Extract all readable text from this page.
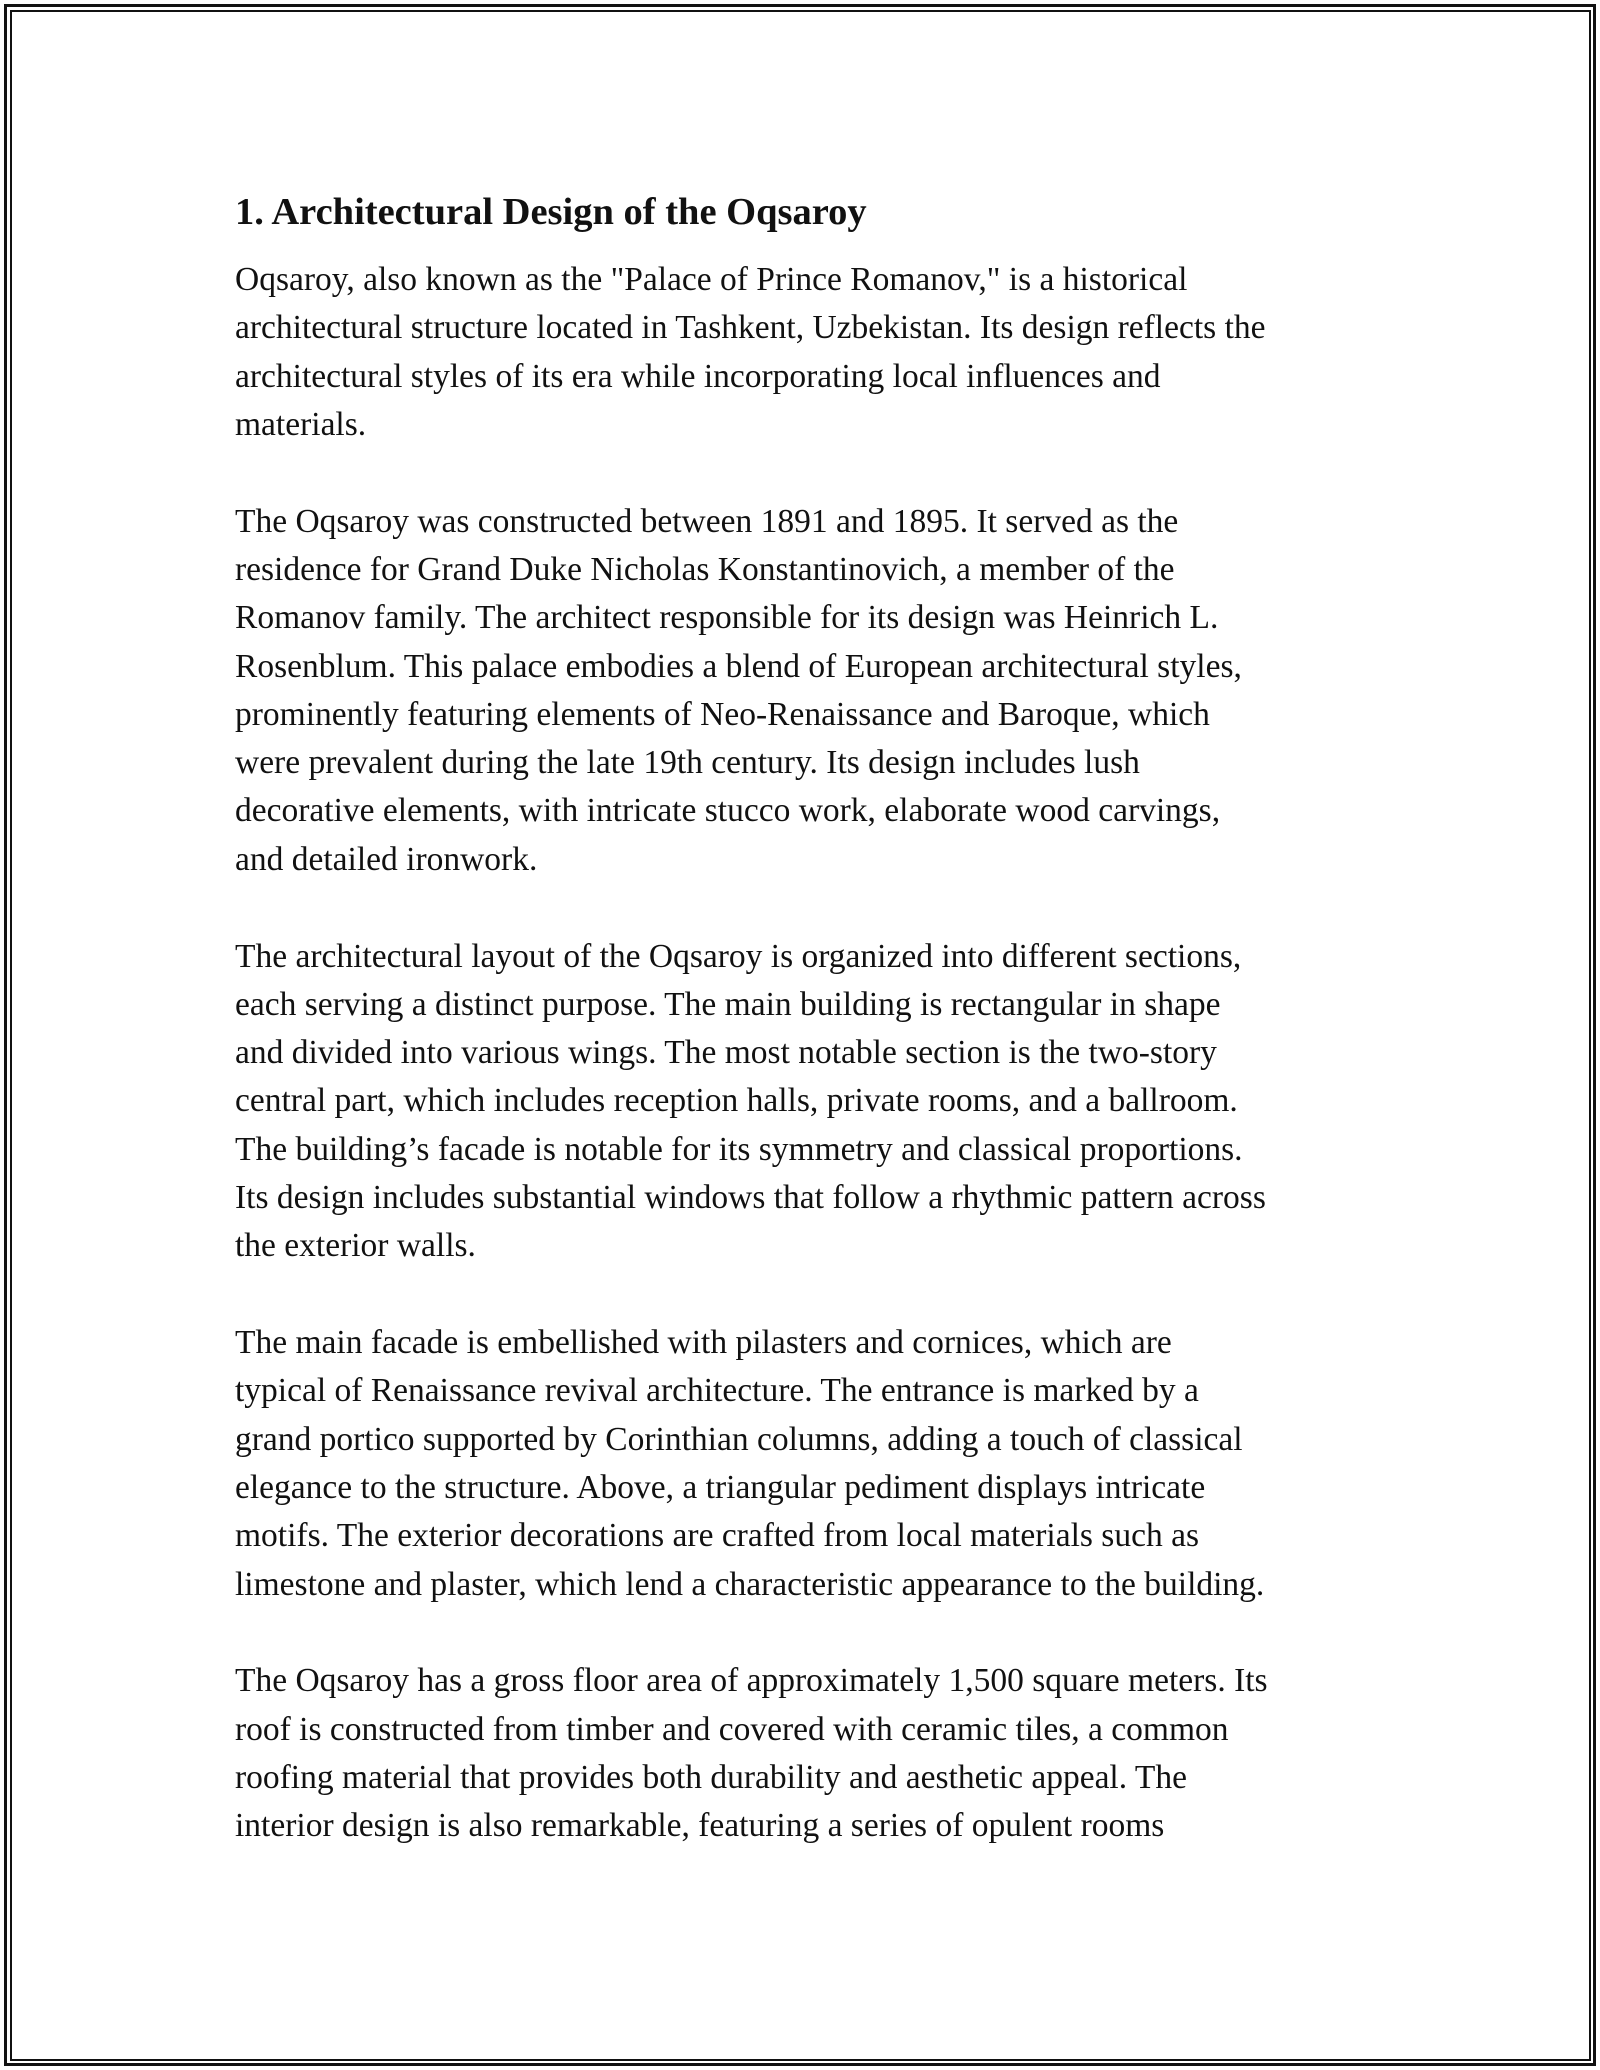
1. Architectural Design of the Oqsaroy

Oqsaroy, also known as the "Palace of Prince Romanov," is a historical
architectural structure located in Tashkent, Uzbekistan. Its design reflects the
architectural styles of its era while incorporating local influences and
materials.

The Oqsaroy was constructed between 1891 and 1895. It served as the
residence for Grand Duke Nicholas Konstantinovich, a member of the
Romanov family. The architect responsible for its design was Heinrich L.
Rosenblum. This palace embodies a blend of European architectural styles,
prominently featuring elements of Neo-Renaissance and Baroque, which
were prevalent during the late 19th century. Its design includes lush
decorative elements, with intricate stucco work, elaborate wood carvings,
and detailed ironwork.

The architectural layout of the Oqsaroy is organized into different sections,
each serving a distinct purpose. The main building is rectangular in shape
and divided into various wings. The most notable section is the two-story
central part, which includes reception halls, private rooms, and a ballroom.
The building’s facade is notable for its symmetry and classical proportions.
Its design includes substantial windows that follow a rhythmic pattern across
the exterior walls.

The main facade is embellished with pilasters and cornices, which are
typical of Renaissance revival architecture. The entrance is marked by a
grand portico supported by Corinthian columns, adding a touch of classical
elegance to the structure. Above, a triangular pediment displays intricate
motifs. The exterior decorations are crafted from local materials such as
limestone and plaster, which lend a characteristic appearance to the building.

The Oqsaroy has a gross floor area of approximately 1,500 square meters. Its
roof is constructed from timber and covered with ceramic tiles, a common
roofing material that provides both durability and aesthetic appeal. The
interior design is also remarkable, featuring a series of opulent rooms
